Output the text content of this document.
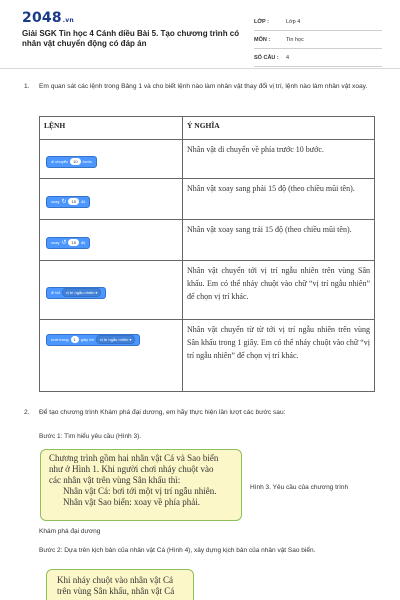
2048.vn
Giải SGK Tin học 4 Cánh diều Bài 5. Tạo chương trình có nhân vật chuyển động có đáp án
LỚP :	Lớp 4
MÔN :	Tin học
SỐ CÂU :	4
1. Em quan sát các lệnh trong Bảng 1 và cho biết lệnh nào làm nhân vật thay đổi vị trí, lệnh nào làm nhân vật xoay.
LỆNH	Ý NGHĨA

di chuyển 10 bước	Nhân vật di chuyển về phía trước 10 bước.

xoay ↻ 15 độ	Nhân vật xoay sang phải 15 độ (theo chiều mũi tên).

xoay ↺ 15 độ	Nhân vật xoay sang trái 15 độ (theo chiều mũi tên).

đi tới vị trí ngẫu nhiên ▾	Nhân vật chuyển tới vị trí ngẫu nhiên trên vùng Sân khấu. Em có thể nháy chuột vào chữ “vị trí ngẫu nhiên” để chọn vị trí khác.

lướt trong 1 giây tới vị trí ngẫu nhiên ▾	Nhân vật chuyển từ từ tới vị trí ngẫu nhiên trên vùng Sân khấu trong 1 giây. Em có thể nháy chuột vào chữ “vị trí ngẫu nhiên” để chọn vị trí khác.
2. Để tạo chương trình Khám phá đại dương, em hãy thực hiện lần lượt các bước sau:
Bước 1: Tìm hiểu yêu cầu (Hình 3).

Chương trình gồm hai nhân vật Cá và Sao biển

như ở Hình 1. Khi người chơi nháy chuột vào

các nhân vật trên vùng Sân khấu thì:

Nhân vật Cá: bơi tới một vị trí ngẫu nhiên.

Nhân vật Sao biển: xoay về phía phải.

Hình 3. Yêu cầu của chương trình
Khám phá đại dương
Bước 2: Dựa trên kịch bản của nhân vật Cá (Hình 4), xây dựng kịch bản của nhân vật Sao biển.

Khi nháy chuột vào nhân vật Cá

trên vùng Sân khấu, nhân vật Cá
